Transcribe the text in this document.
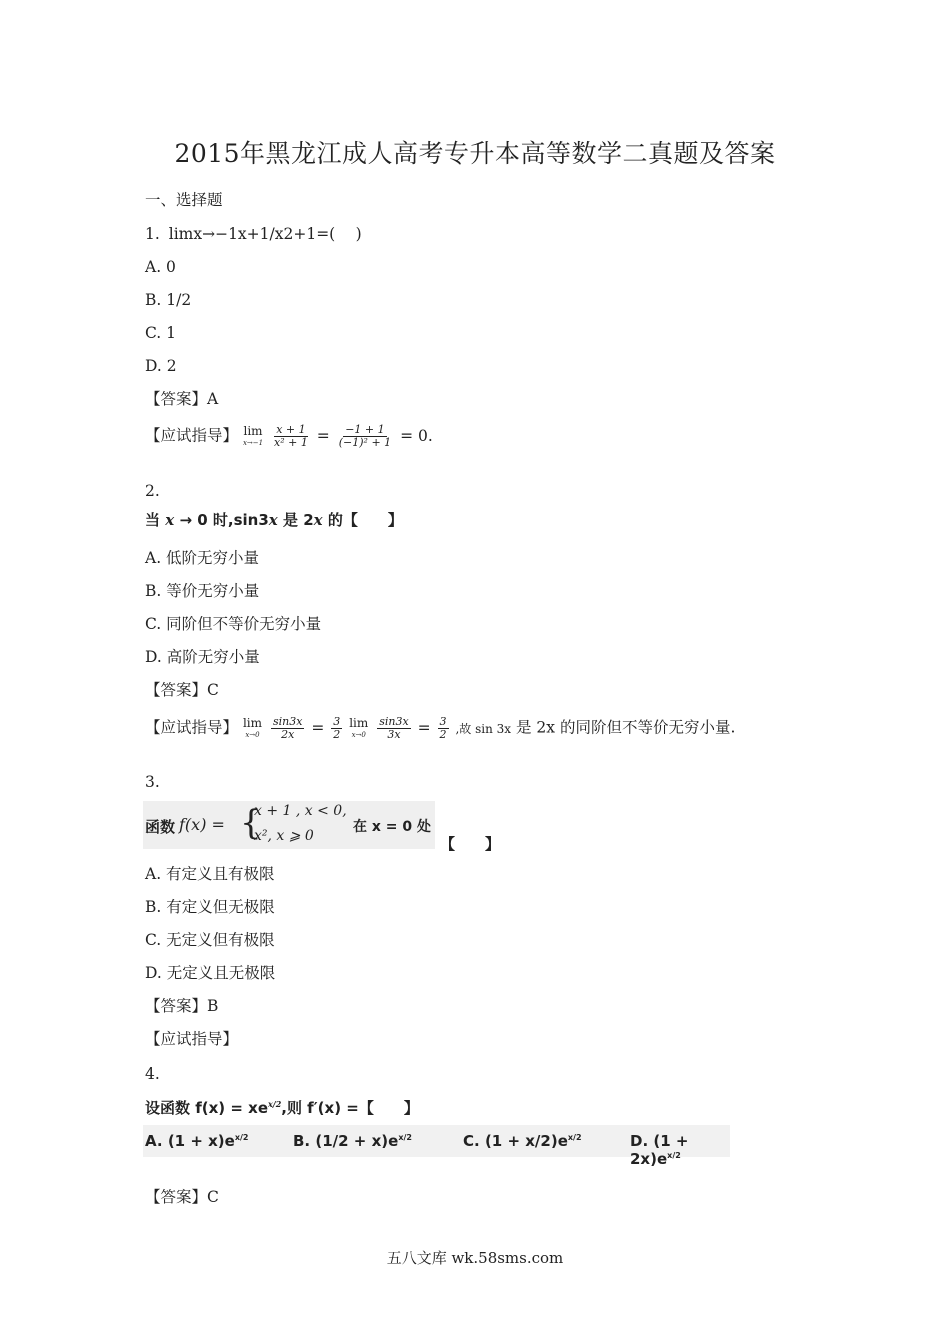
2015年黑龙江成人高考专升本高等数学二真题及答案
一、选择题
1. limx→−1x+1/x2+1=(　 )
A. 0
B. 1/2
C. 1
D. 2
【答案】A
【应试指导】 lim
x→−1
$\frac{x + 1}{\text{x² + 1}} = \frac{-1 + 1}{\text{(−1)² + 1}} = 0$.
2.
当 x → 0 时,sin3x 是 2x 的【　　】
A. 低阶无穷小量
B. 等价无穷小量
C. 同阶但不等价无穷小量
D. 高阶无穷小量
【答案】C
【应试指导】 lim
x→0
$\frac{\sin 3x}{2x} = \frac{3}{2}$
lim
x→0
$\frac{\sin 3x}{3x} = \frac{3}{2}$ ,故 sin 3x 是 2x 的同阶但不等价无穷小量.
3.
函数 f(x) = {
x + 1 , x < 0,
x², x ⩾ 0
在 x = 0 处
【　　】
A. 有定义且有极限
B. 有定义但无极限
C. 无定义但有极限
D. 无定义且无极限
【答案】B
【应试指导】
4.
设函数 $f(x) = xe^{x/2}$,则 f′(x) =【　　】
A. $(1 + x)e^{x/2}$	B. $(1/2 + x)e^{x/2}$	C. $(1 + x/2)e^{x/2}$	D. $(1 + 2x)e^{x/2}$
【答案】C
五八文库 wk.58sms.com
